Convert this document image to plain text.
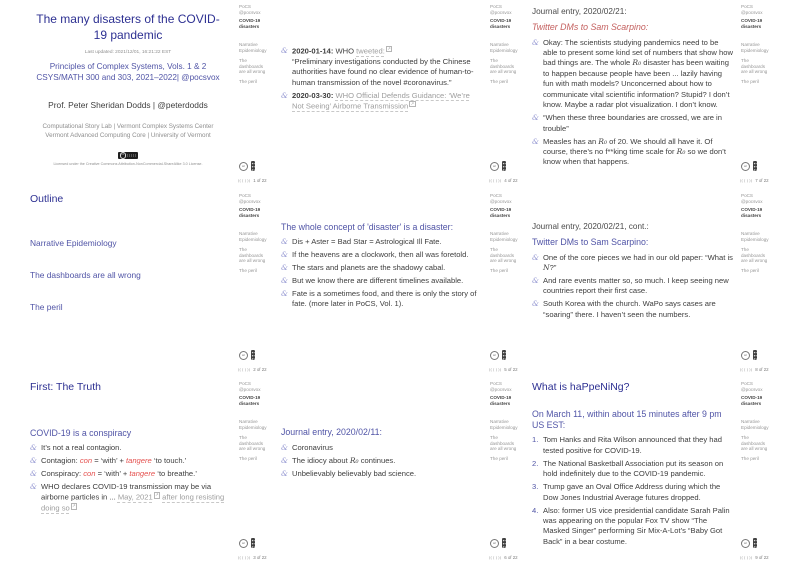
The many disasters of the COVID-19 pandemic
Last updated: 2021/12/01, 16:21:22 EST
Principles of Complex Systems, Vols. 1 & 2
CSYS/MATH 300 and 303, 2021–2022| @pocsvox
Prof. Peter Sheridan Dodds | @peterdodds
Computational Story Lab | Vermont Complex Systems Center
Vermont Advanced Computing Core | University of Vermont
cc
Licensed under the Creative Commons Attribution-NonCommercial-ShareAlike 3.0 License.
PoCS
@pocsvox
COVID-19
disasters
Narrative Epidemiology
The dashboards are all wrong
The peril
cc
⟨⟨ ⟨ ⟩ ⟩⟩ 1 of 22
Outline
Narrative Epidemiology
The dashboards are all wrong
The peril
PoCS
@pocsvox
COVID-19
disasters
Narrative Epidemiology
The dashboards are all wrong
The peril
cc
⟨⟨ ⟨ ⟩ ⟩⟩ 2 of 22
First: The Truth
COVID-19 is a conspiracy
& It’s not a real contagion.
& Contagion: con = ‘with’ + tangere ‘to touch.’
& Conspiracy: con = ‘with’ + tangere ‘to breathe.’
& WHO declares COVID-19 transmission may be via airborne particles in ... May, 2021 ↗ after long resisting doing so ↗
PoCS
@pocsvox
COVID-19
disasters
Narrative Epidemiology
The dashboards are all wrong
The peril
cc
⟨⟨ ⟨ ⟩ ⟩⟩ 3 of 22
& 2020-01-14: WHO tweeted: ↗
“Preliminary investigations conducted by the Chinese authorities have found no clear evidence of human-to-human transmission of the novel #coronavirus.”
& 2020-03-30: WHO Official Defends Guidance: ‘We’re Not Seeing’ Airborne Transmission ↗
PoCS
@pocsvox
COVID-19
disasters
Narrative Epidemiology
The dashboards are all wrong
The peril
cc
⟨⟨ ⟨ ⟩ ⟩⟩ 4 of 22
The whole concept of 'disaster' is a disaster:
& Dis + Aster = Bad Star = Astrological Ill Fate.
& If the heavens are a clockwork, then all was foretold.
& The stars and planets are the shadowy cabal.
& But we know there are different timelines available.
& Fate is a sometimes food, and there is only the story of fate. (more later in PoCS, Vol. 1).
PoCS
@pocsvox
COVID-19
disasters
Narrative Epidemiology
The dashboards are all wrong
The peril
cc
⟨⟨ ⟨ ⟩ ⟩⟩ 5 of 22
Journal entry, 2020/02/11:
& Coronavirus
& The idiocy about R₀ continues.
& Unbelievably believably bad science.
PoCS
@pocsvox
COVID-19
disasters
Narrative Epidemiology
The dashboards are all wrong
The peril
cc
⟨⟨ ⟨ ⟩ ⟩⟩ 6 of 22
Journal entry, 2020/02/21:
Twitter DMs to Sam Scarpino:
& Okay: The scientists studying pandemics need to be able to present some kind set of numbers that show how bad things are. The whole R₀ disaster has been waiting to happen because people have been ... lazily having fun with math models? Unconcerned about how to communicate vital scientific information? Stupid? I don’t know. Maybe a radar plot visualization. I don’t know.
& “When these three boundaries are crossed, we are in trouble”
& Measles has an R₀ of 20. We should all have it. Of course, there’s no f**king time scale for R₀ so we don’t know when that happens.
PoCS
@pocsvox
COVID-19
disasters
Narrative Epidemiology
The dashboards are all wrong
The peril
cc
⟨⟨ ⟨ ⟩ ⟩⟩ 7 of 22
Journal entry, 2020/02/21, cont.:
Twitter DMs to Sam Scarpino:
& One of the core pieces we had in our old paper: “What is N?”
& And rare events matter so, so much. I keep seeing new countries report their first case.
& South Korea with the church. WaPo says cases are “soaring” there. I haven’t seen the numbers.
PoCS
@pocsvox
COVID-19
disasters
Narrative Epidemiology
The dashboards are all wrong
The peril
cc
⟨⟨ ⟨ ⟩ ⟩⟩ 8 of 22
What is haPpeNiNg?
On March 11, within about 15 minutes after 9 pm US EST:
1. Tom Hanks and Rita Wilson announced that they had tested positive for COVID-19.
2. The National Basketball Association put its season on hold indefinitely due to the COVID-19 pandemic.
3. Trump gave an Oval Office Address during which the Dow Jones Industrial Average futures dropped.
4. Also: former US vice presidential candidate Sarah Palin was appearing on the popular Fox TV show “The Masked Singer” performing Sir Mix-A-Lot’s “Baby Got Back” in a bear costume.
PoCS
@pocsvox
COVID-19
disasters
Narrative Epidemiology
The dashboards are all wrong
The peril
cc
⟨⟨ ⟨ ⟩ ⟩⟩ 9 of 22
